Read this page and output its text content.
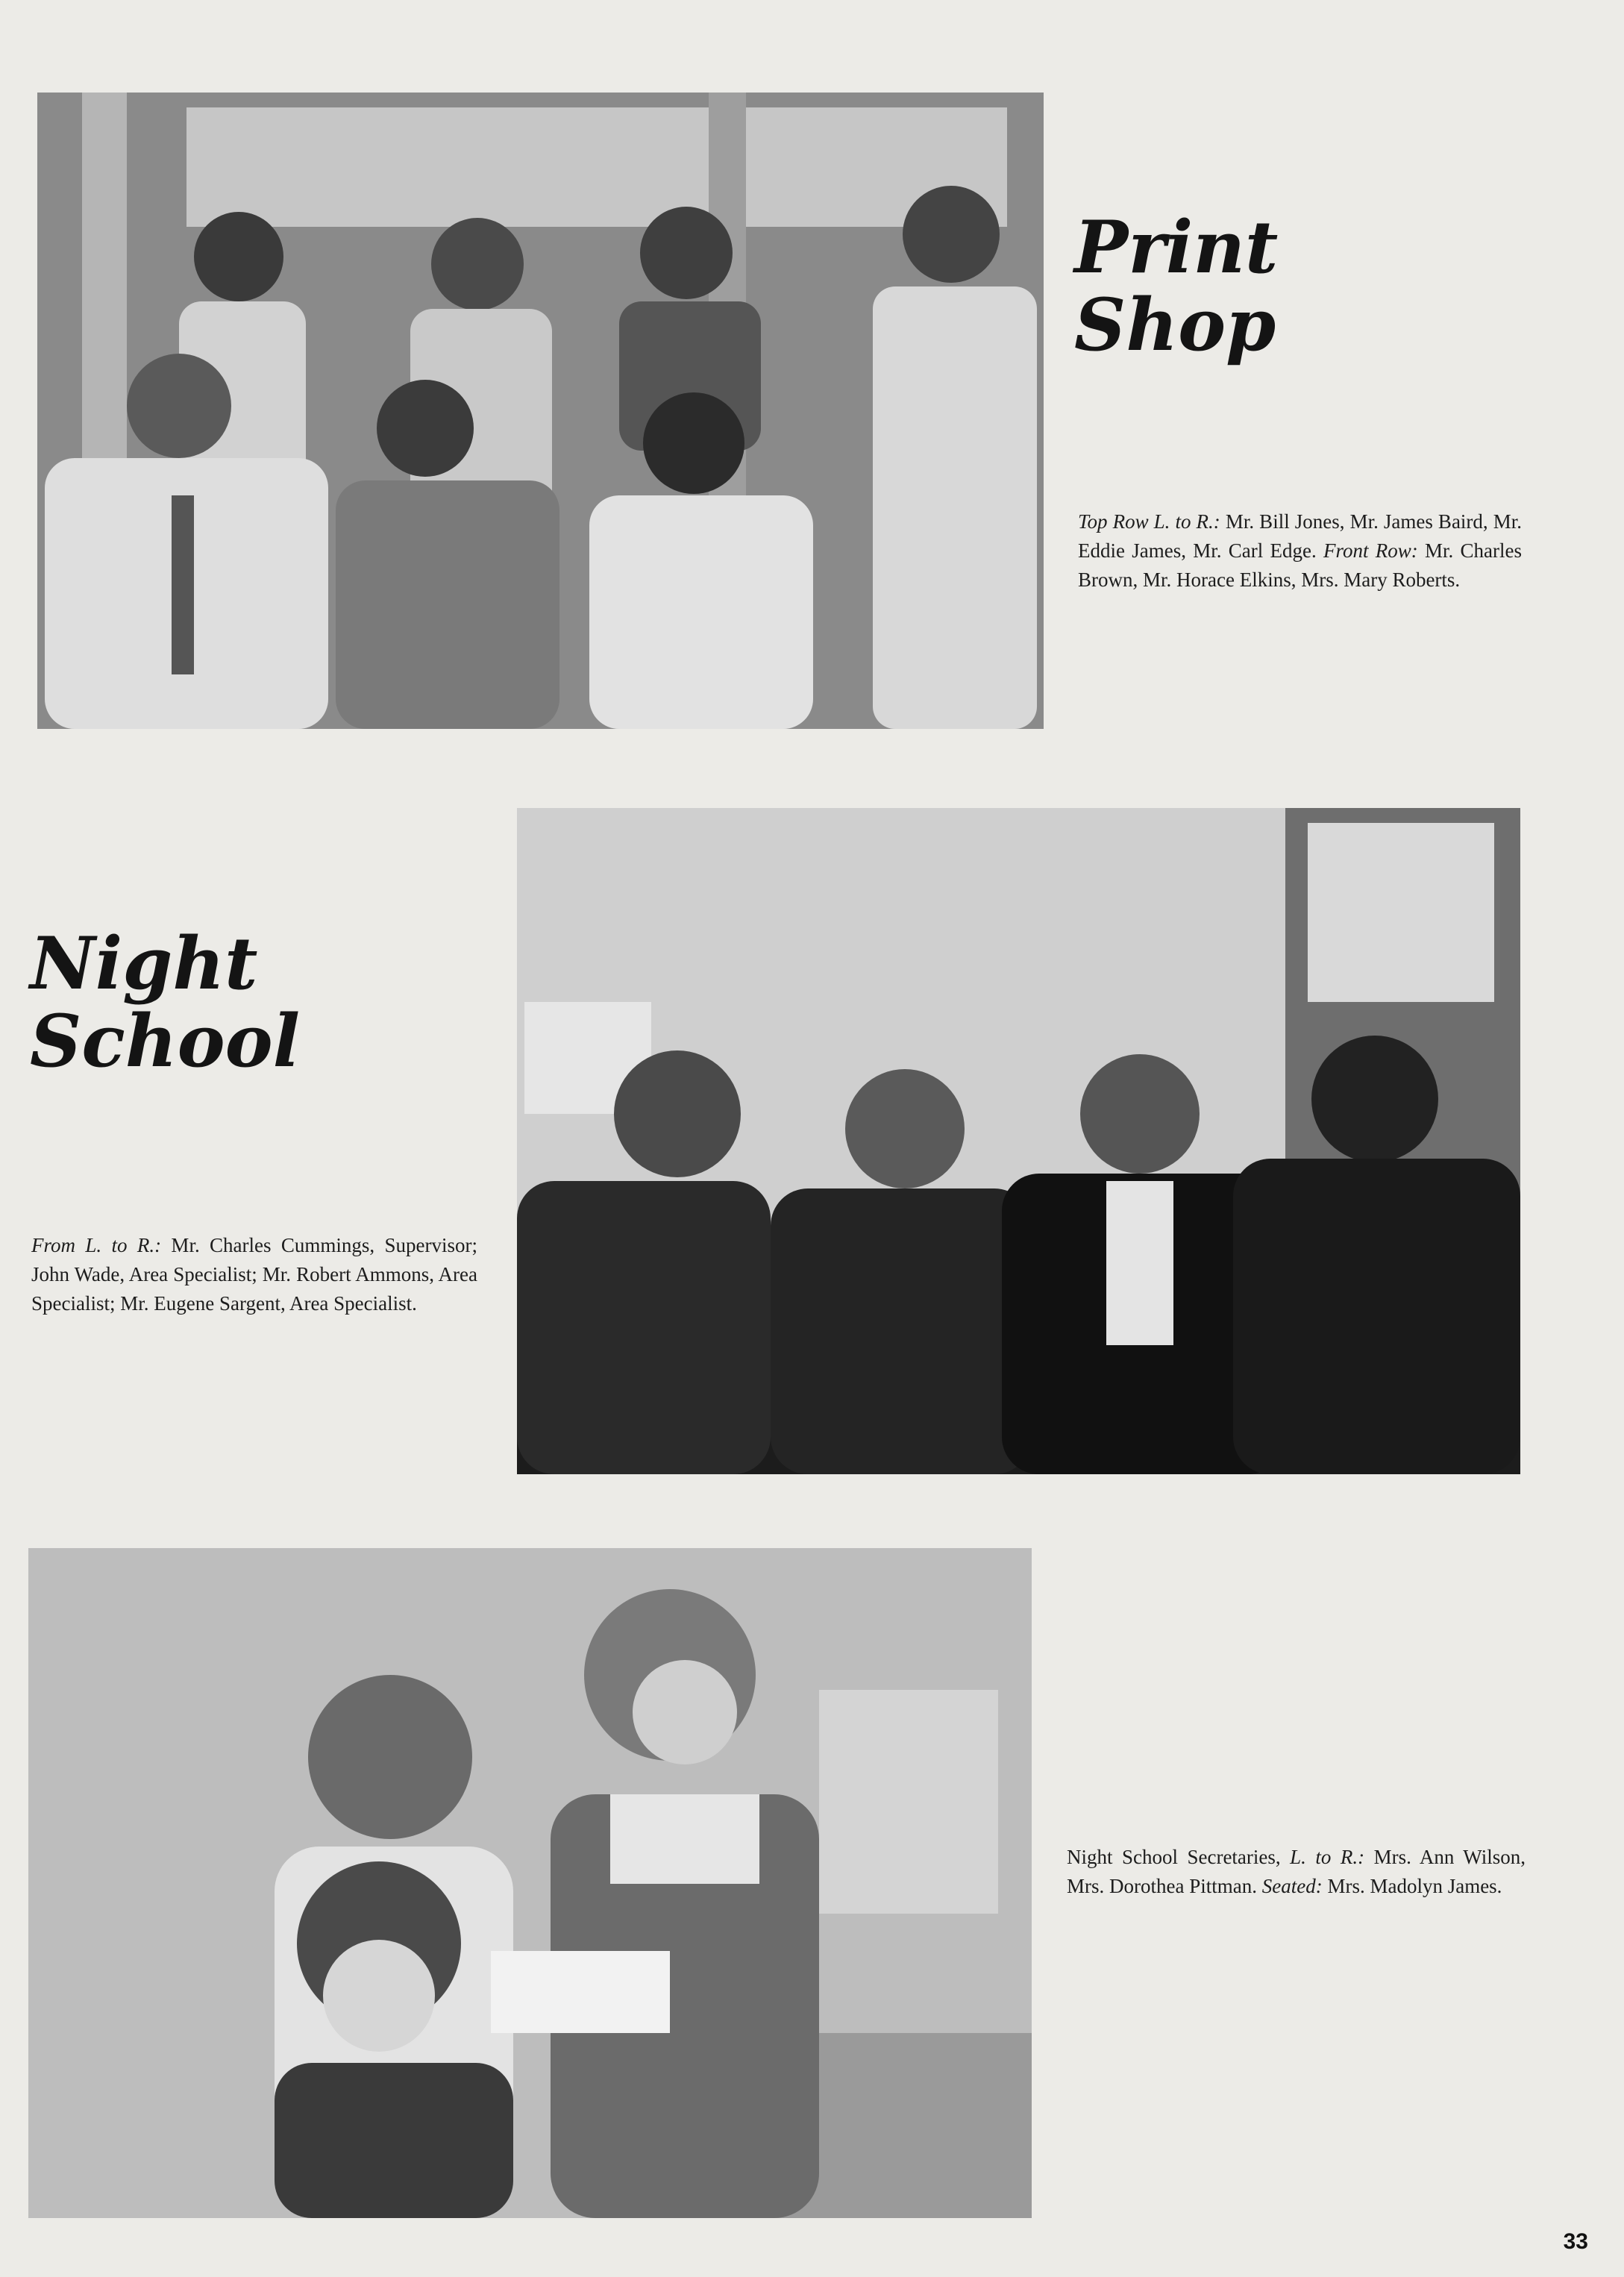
Print
Shop

Top Row L. to R.: Mr. Bill Jones, Mr. James Baird, Mr. Eddie James, Mr. Carl Edge. Front Row: Mr. Charles Brown, Mr. Horace Elkins, Mrs. Mary Roberts.

Night
School

From L. to R.: Mr. Charles Cummings, Supervisor; John Wade, Area Specialist; Mr. Robert Ammons, Area Specialist; Mr. Eugene Sargent, Area Specialist.

Night School Secretaries, L. to R.: Mrs. Ann Wilson, Mrs. Dorothea Pittman. Seated: Mrs. Madolyn James.

33
